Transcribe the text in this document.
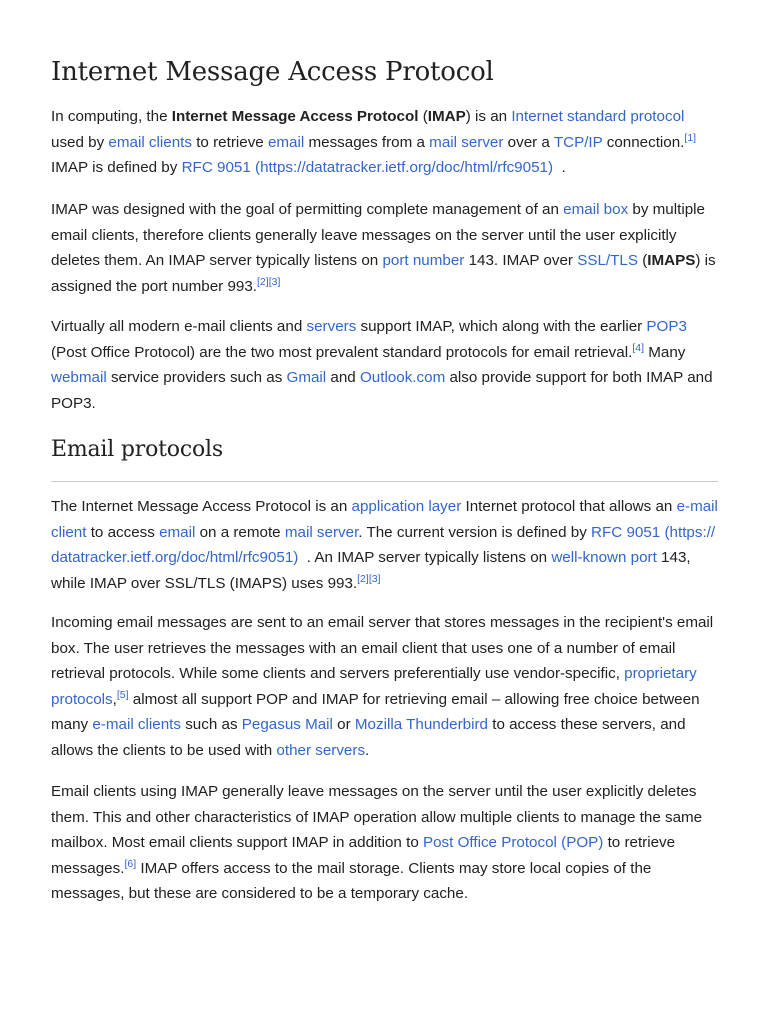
Internet Message Access Protocol

In computing, the Internet Message Access Protocol (IMAP) is an Internet standard protocol used by email clients to retrieve email messages from a mail server over a TCP/IP connection.[1] IMAP is defined by RFC 9051 (https://datatracker.ietf.org/doc/html/rfc9051)  .

IMAP was designed with the goal of permitting complete management of an email box by multiple email clients, therefore clients generally leave messages on the server until the user explicitly deletes them. An IMAP server typically listens on port number 143. IMAP over SSL/TLS (IMAPS) is assigned the port number 993.[2][3]

Virtually all modern e-mail clients and servers support IMAP, which along with the earlier POP3 (Post Office Protocol) are the two most prevalent standard protocols for email retrieval.[4] Many webmail service providers such as Gmail and Outlook.com also provide support for both IMAP and POP3.

Email protocols

The Internet Message Access Protocol is an application layer Internet protocol that allows an e-mail client to access email on a remote mail server. The current version is defined by RFC 9051 (https://datatracker.ietf.org/doc/html/rfc9051)  . An IMAP server typically listens on well-known port 143, while IMAP over SSL/TLS (IMAPS) uses 993.[2][3]

Incoming email messages are sent to an email server that stores messages in the recipient's email box. The user retrieves the messages with an email client that uses one of a number of email retrieval protocols. While some clients and servers preferentially use vendor-specific, proprietary protocols,[5] almost all support POP and IMAP for retrieving email – allowing free choice between many e-mail clients such as Pegasus Mail or Mozilla Thunderbird to access these servers, and allows the clients to be used with other servers.

Email clients using IMAP generally leave messages on the server until the user explicitly deletes them. This and other characteristics of IMAP operation allow multiple clients to manage the same mailbox. Most email clients support IMAP in addition to Post Office Protocol (POP) to retrieve messages.[6] IMAP offers access to the mail storage. Clients may store local copies of the messages, but these are considered to be a temporary cache.
